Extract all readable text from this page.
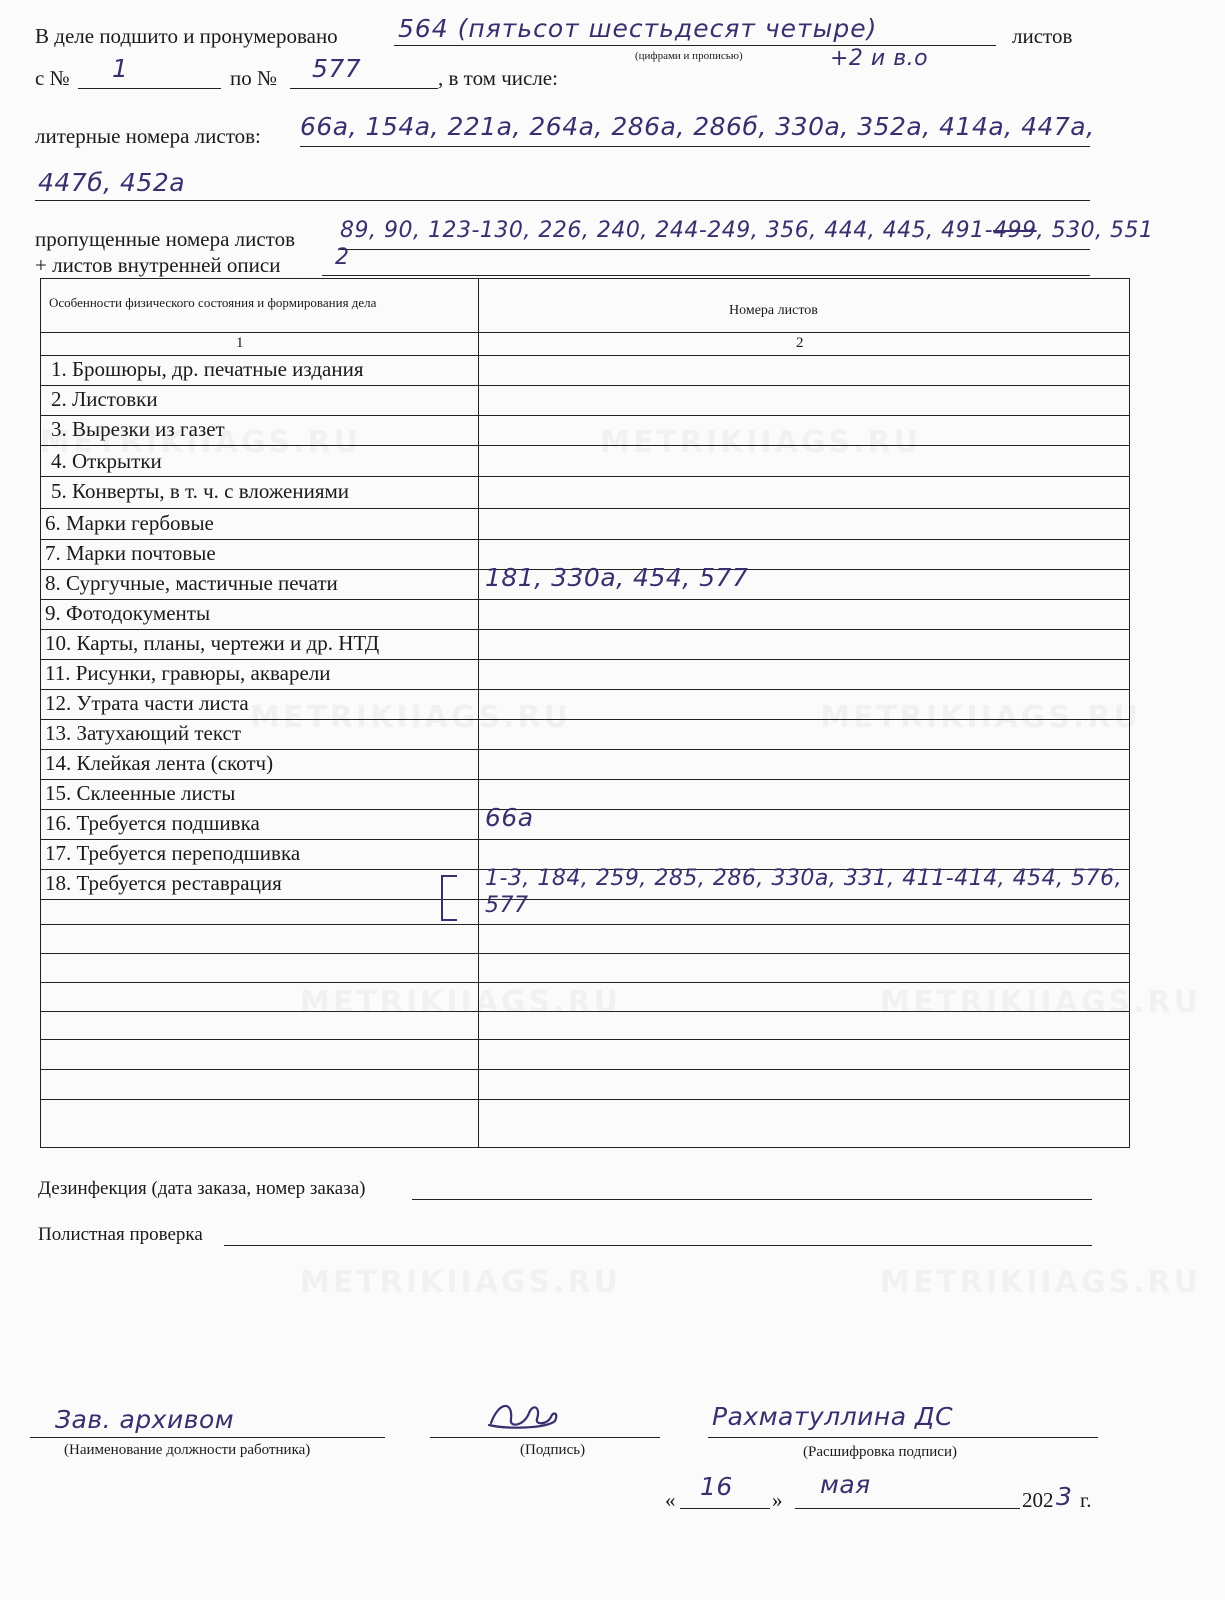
В деле подшито и пронумеровано 564 (пятьсот шестьдесят четыре)	листов
(цифрами и прописью)	+2 и в.о
с № 1	по № 577	, в том числе:
литерные номера листов: 66а, 154а, 221а, 264а, 286а, 286б, 330а, 352а, 414а, 447а,
447б, 452а
пропущенные номера листов 89, 90, 123-130, 226, 240, 244-249, 356, 444, 445, 491-499, 530, 551
+ листов внутренней описи 2
Особенности физического состояния и формирования дела
Номера листов
1	2
1. Брошюры, др. печатные издания
2. Листовки
3. Вырезки из газет
4. Открытки
5. Конверты, в т. ч. с вложениями
6. Марки гербовые
7. Марки почтовые
8. Сургучные, мастичные печати	181, 330а, 454, 577
9. Фотодокументы
10. Карты, планы, чертежи и др. НТД
11. Рисунки, гравюры, акварели
12. Утрата части листа
13. Затухающий текст
14. Клейкая лента (скотч)
15. Склеенные листы
16. Требуется подшивка	66а
17. Требуется переподшивка
18. Требуется реставрация	1-3, 184, 259, 285, 286, 330а, 331, 411-414, 454, 576,
577
Дезинфекция (дата заказа, номер заказа)
Полистная проверка
Зав. архивом
(Наименование должности работника)	(Подпись)
Рахматуллина ДС
(Расшифровка подписи)
« 16 »
мая
202 3 г.
